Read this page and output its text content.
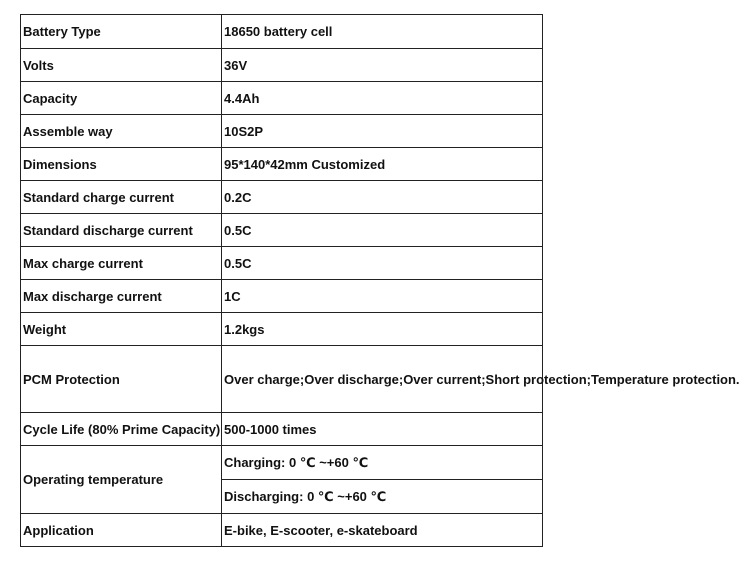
Battery Type	18650 battery cell
Volts	36V
Capacity	4.4Ah
Assemble way	10S2P
Dimensions	95*140*42mm Customized
Standard charge current	0.2C
Standard discharge current	0.5C
Max charge current	0.5C
Max discharge current	1C
Weight	1.2kgs
PCM Protection	Over charge;Over discharge;Over current;Short protection;Temperature protection.
Cycle Life (80% Prime Capacity)	500-1000 times
Operating temperature	Charging: 0 ℃ ~+60 ℃
	Discharging: 0 ℃ ~+60 ℃
Application	E-bike, E-scooter, e-skateboard
